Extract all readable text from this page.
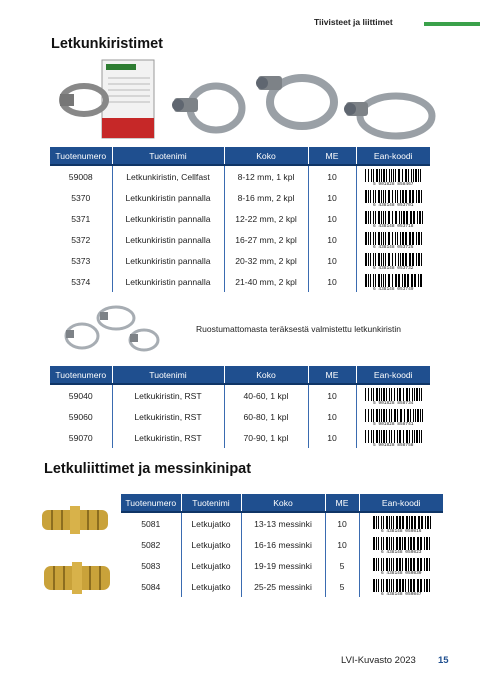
Tiivisteet ja liittimet
Letkunkiristimet
Tuotenumero	Tuotenimi	Koko	ME	Ean-koodi
59008	Letkunkiristin, Cellfast	8-12 mm, 1 kpl	10	5 901828 858467

5370	Letkunkiristin pannalla	8-16 mm, 2 kpl	10	6 438148 053701

5371	Letkunkiristin pannalla	12-22 mm, 2 kpl	10	6 438148 053718

5372	Letkunkiristin pannalla	16-27 mm, 2 kpl	10	6 438148 053725

5373	Letkunkiristin pannalla	20-32 mm, 2 kpl	10	6 438148 053732

5374	Letkunkiristin pannalla	21-40 mm, 2 kpl	10	6 438148 053749
Ruostumattomasta teräksestä valmistettu letkunkiristin
Tuotenumero	Tuotenimi	Koko	ME	Ean-koodi
59040	Letkukiristin, RST	40-60, 1 kpl	10	5 901828 858734

59060	Letkukiristin, RST	60-80, 1 kpl	10	5 901828 858741

59070	Letkukiristin, RST	70-90, 1 kpl	10	5 901828 858758
Letkuliittimet ja messinkinipat
Tuotenumero	Tuotenimi	Koko	ME	Ean-koodi
5081	Letkujatko	13-13 messinki	10	6 438148 050816

5082	Letkujatko	16-16 messinki	10	6 438148 050823

5083	Letkujatko	19-19 messinki	5	6 438148 050830

5084	Letkujatko	25-25 messinki	5	6 438148 050847
LVI-Kuvasto 2023 15
